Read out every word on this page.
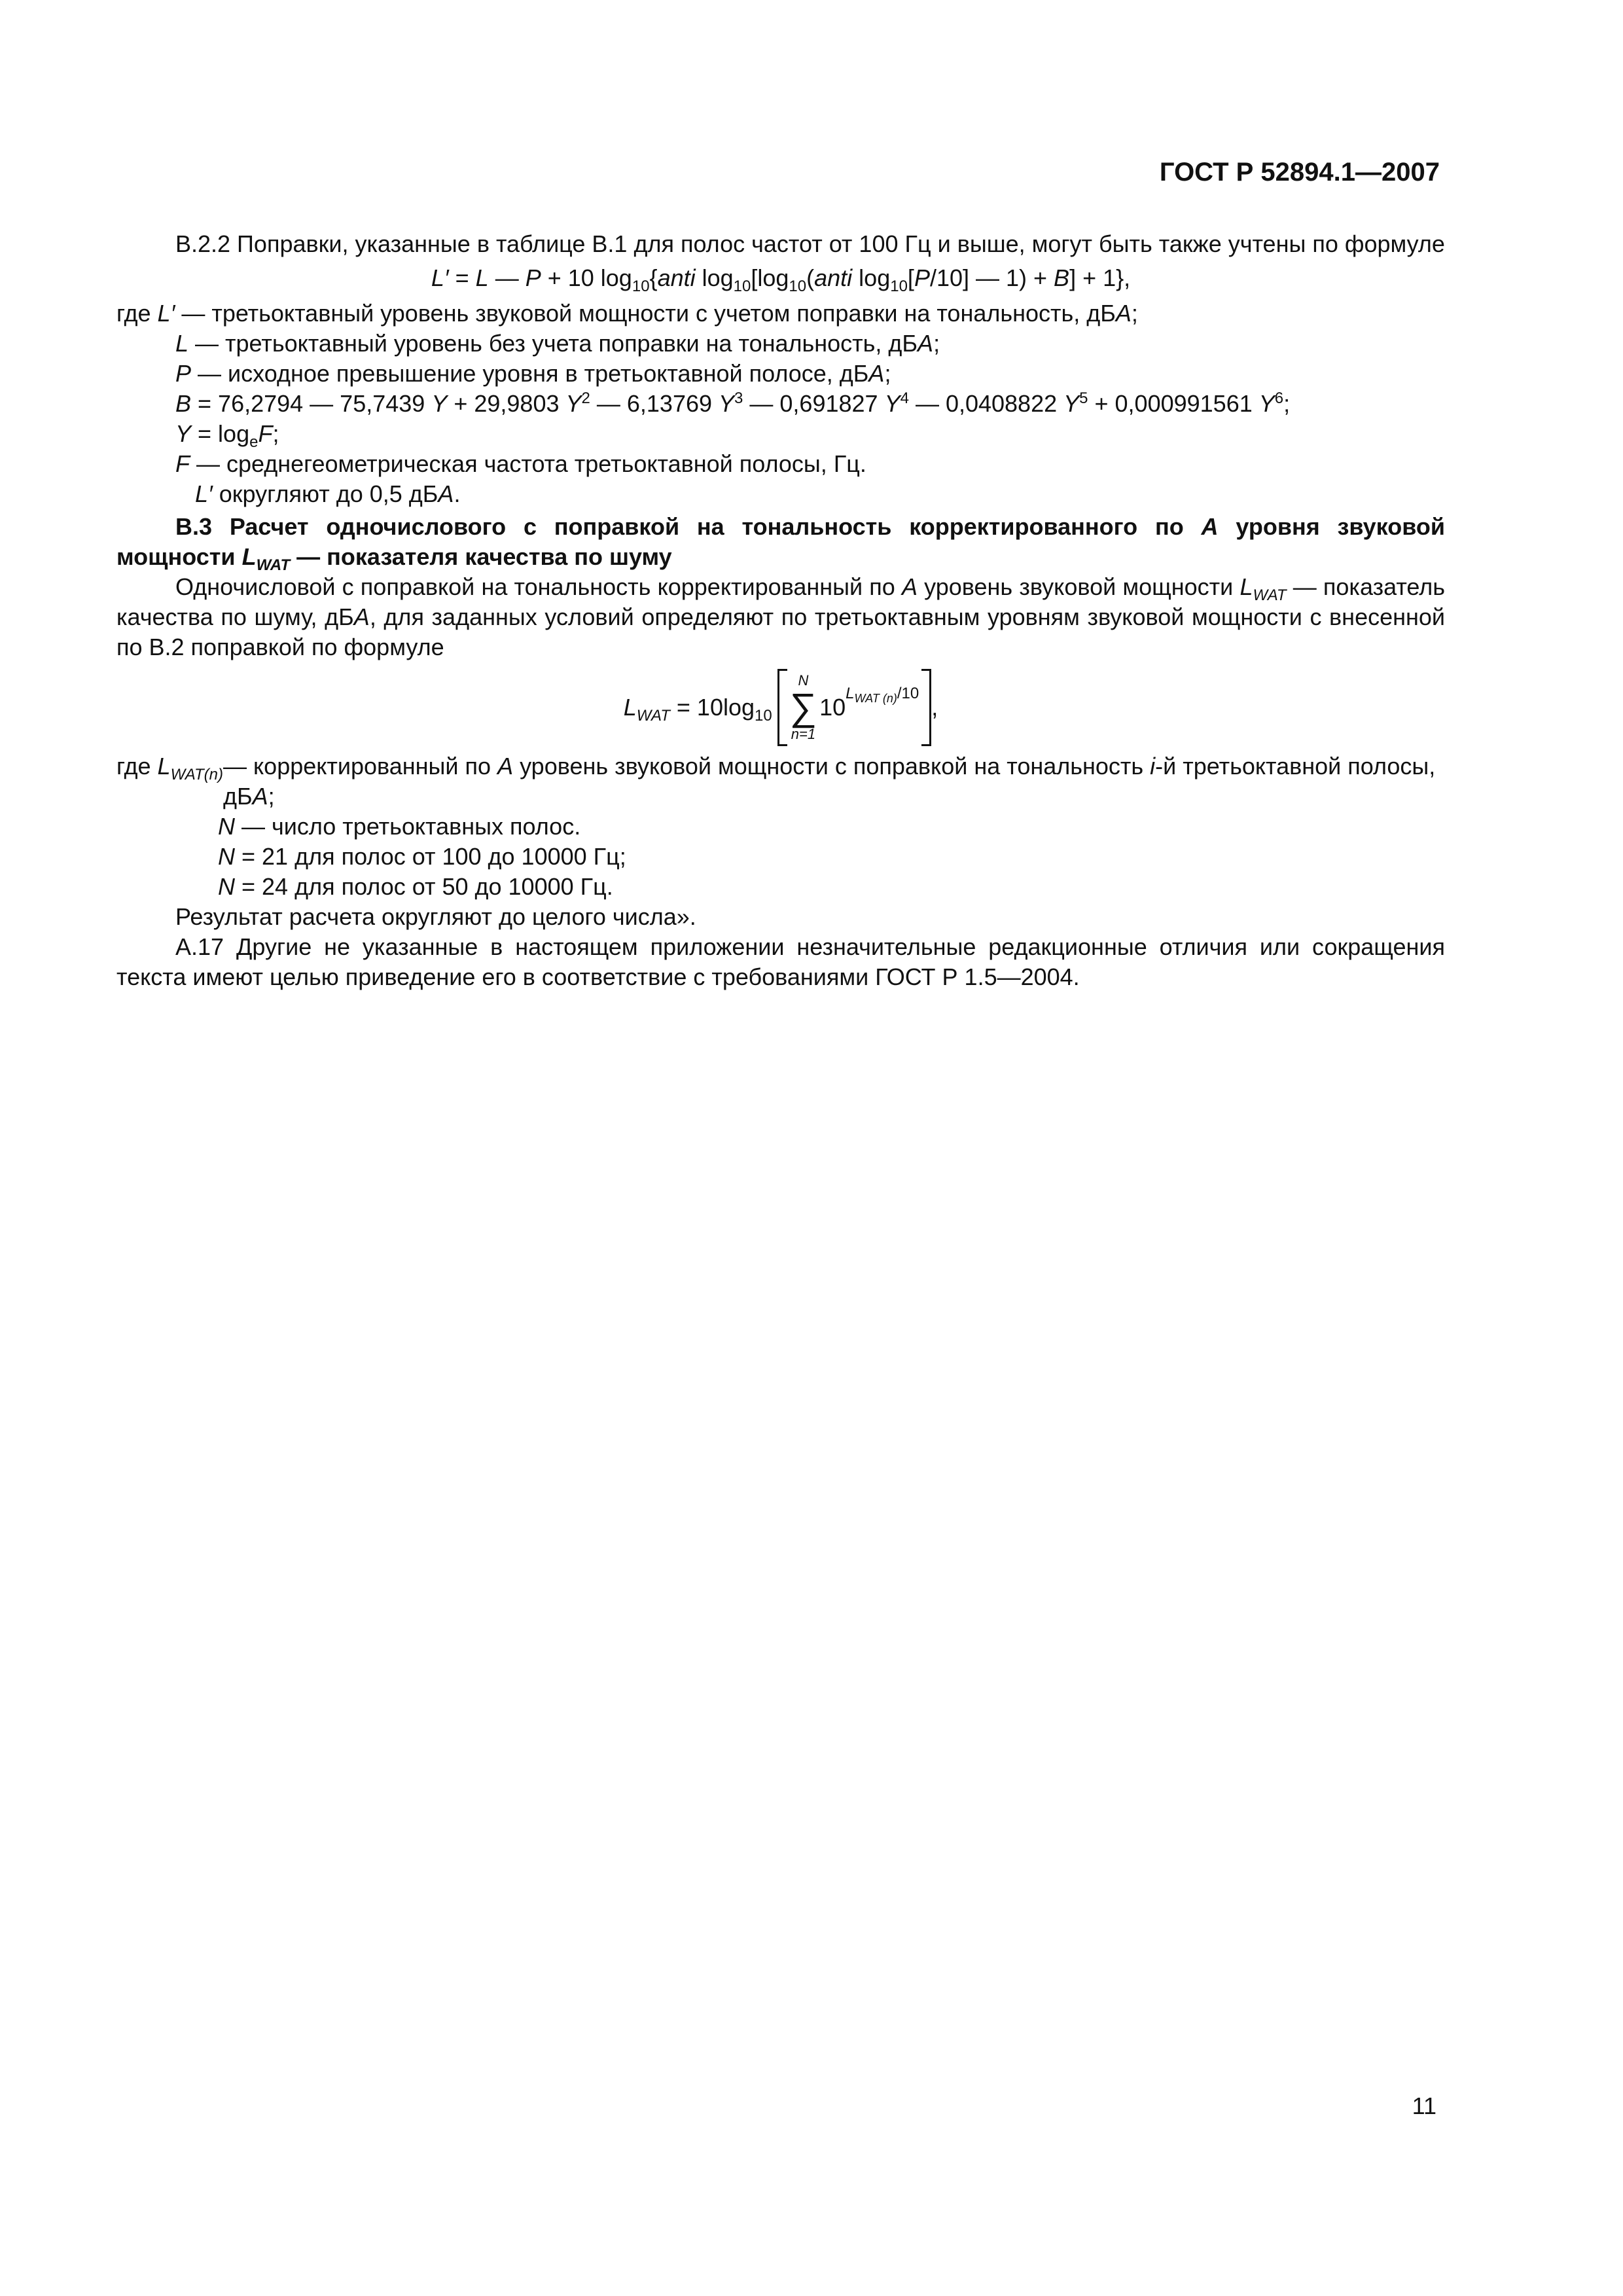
ГОСТ Р 52894.1—2007

В.2.2 Поправки, указанные в таблице В.1 для полос частот от 100 Гц и выше, могут быть также учтены по формуле

L′ = L — P + 10 $\log_{10}\{anti$ $\log_{10}[\log_{10}(anti$ $\log_{10}[P/10]$ — 1) + B] + 1},

где L′ — третьоктавный уровень звуковой мощности с учетом поправки на тональность, дБA;

L — третьоктавный уровень без учета поправки на тональность, дБA;

P — исходное превышение уровня в третьоктавной полосе, дБA;

B = 76,2794 — 75,7439 Y + 29,9803 $Y^2$ — 6,13769 $Y^3$ — 0,691827 $Y^4$ — 0,0408822 $Y^5 + 0,000991561$ $Y^6$;

$Y = \log_eF$;

F — среднегеометрическая частота третьоктавной полосы, Гц.

L′ округляют до 0,5 дБA.

В.3 Расчет одночислового с поправкой на тональность корректированного по A уровня звуковой мощности $L_{WAT}$ — показателя качества по шуму

Одночисловой с поправкой на тональность корректированный по A уровень звуковой мощности $L_{WAT}$ — показатель качества по шуму, дБA, для заданных условий определяют по третьоктавным уровням звуковой мощности с внесенной по В.2 поправкой по формуле

$L_{WAT} = 10\log_{10}$
N
∑
n=1
10
$L_{WAT (n)}/10$
,
где $L_{WAT(n)}$ — корректированный по A уровень звуковой мощности с поправкой на тональность i-й третьоктавной полосы, дБA;

N — число третьоктавных полос.

N = 21 для полос от 100 до 10000 Гц;

N = 24 для полос от 50 до 10000 Гц.

Результат расчета округляют до целого числа».

А.17 Другие не указанные в настоящем приложении незначительные редакционные отличия или сокращения текста имеют целью приведение его в соответствие с требованиями ГОСТ Р 1.5—2004.

11
